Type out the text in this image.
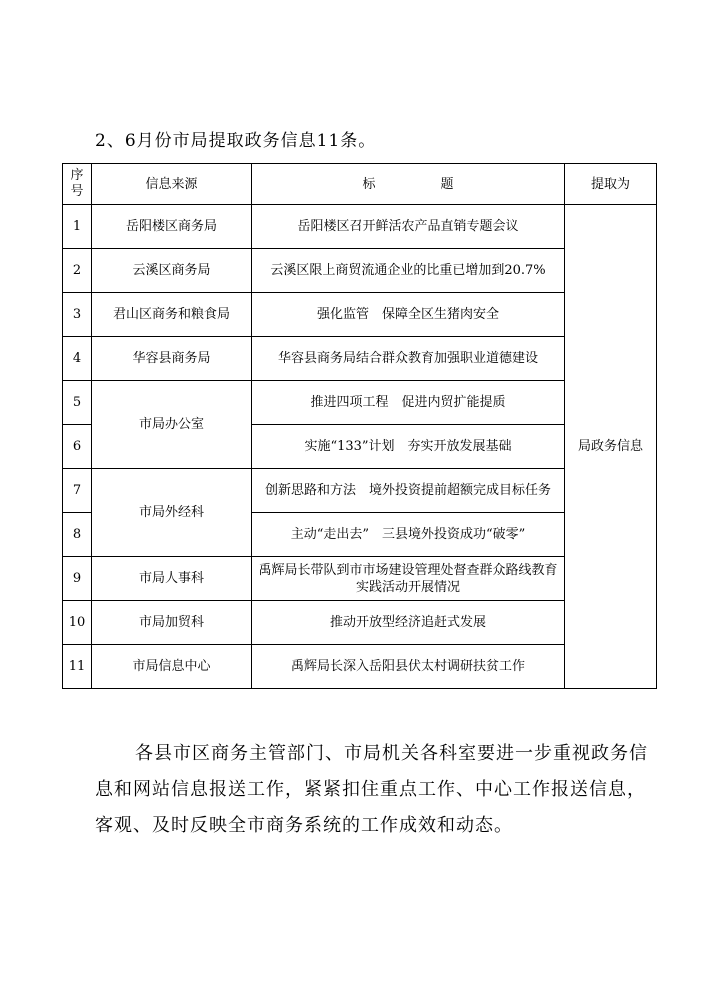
2、6月份市局提取政务信息11条。

序号	信息来源	标　　　　　题	提取为
1	岳阳楼区商务局	岳阳楼区召开鲜活农产品直销专题会议	局政务信息
2	云溪区商务局	云溪区限上商贸流通企业的比重已增加到20.7%	
3	君山区商务和粮食局	强化监管　保障全区生猪肉安全	
4	华容县商务局	华容县商务局结合群众教育加强职业道德建设	
5	市局办公室	推进四项工程　促进内贸扩能提质	
6		实施“133”计划　夯实开放发展基础	
7	市局外经科	创新思路和方法　境外投资提前超额完成目标任务	
8		主动“走出去”　三县境外投资成功“破零”	
9	市局人事科	禹辉局长带队到市市场建设管理处督查群众路线教育实践活动开展情况	
10	市局加贸科	推动开放型经济追赶式发展	
11	市局信息中心	禹辉局长深入岳阳县伏太村调研扶贫工作	

各县市区商务主管部门、市局机关各科室要进一步重视政务信息和网站信息报送工作，紧紧扣住重点工作、中心工作报送信息，客观、及时反映全市商务系统的工作成效和动态。
